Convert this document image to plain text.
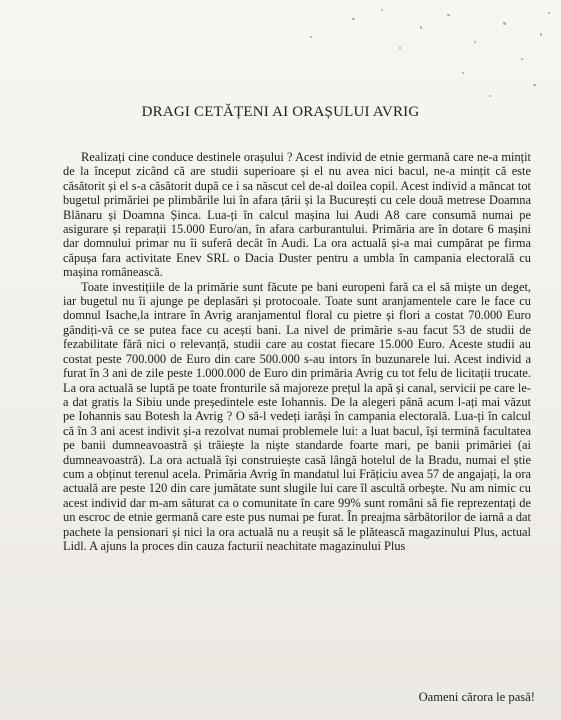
DRAGI CETĂȚENI AI ORAȘULUI AVRIG

Realizați cine conduce destinele orașului ? Acest individ de etnie germană care ne-a mințit de la început zicând că are studii superioare și el nu avea nici bacul, ne-a mințit că este căsătorit și el s-a căsătorit după ce i sa născut cel de-al doilea copil. Acest individ a mâncat tot bugetul primăriei pe plimbările lui în afara țării și la București cu cele două metrese Doamna Blănaru și Doamna Șinca. Lua-ți în calcul mașina lui Audi A8 care consumă numai pe asigurare și reparații 15.000 Euro/an, în afara carburantului. Primăria are în dotare 6 mașini dar domnului primar nu îi suferă decât în Audi. La ora actuală și-a mai cumpărat pe firma căpușa fara activitate Enev SRL o Dacia Duster pentru a umbla în campania electorală cu mașina românească.

Toate investițiile de la primărie sunt făcute pe bani europeni fară ca el să miște un deget, iar bugetul nu îi ajunge pe deplasări și protocoale. Toate sunt aranjamentele care le face cu domnul Isache,la intrare în Avrig aranjamentul floral cu pietre și flori a costat 70.000 Euro gândiți-vă ce se putea face cu acești bani. La nivel de primărie s-au facut 53 de studii de fezabilitate fără nici o relevanță, studii care au costat fiecare 15.000 Euro. Aceste studii au costat peste 700.000 de Euro din care 500.000 s-au intors în buzunarele lui. Acest individ a furat în 3 ani de zile peste 1.000.000 de Euro din primăria Avrig cu tot felu de licitații trucate. La ora actuală se luptă pe toate fronturile să majoreze prețul la apă și canal, servicii pe care le-a dat gratis la Sibiu unde președintele este Iohannis. De la alegeri până acum l-ați mai văzut pe Iohannis sau Botesh la Avrig ? O să-l vedeți iarăși în campania electorală. Lua-ți în calcul că în 3 ani acest indivit și-a rezolvat numai problemele lui: a luat bacul, își termină facultatea pe banii dumneavoastră și trăiește la niște standarde foarte mari, pe banii primăriei (ai dumneavoastră). La ora actuală își construiește casă lângă hotelul de la Bradu, numai el știe cum a obținut terenul acela. Primăria Avrig în mandatul lui Frățiciu avea 57 de angajați, la ora actuală are peste 120 din care jumătate sunt slugile lui care îl ascultă orbește. Nu am nimic cu acest individ dar m-am săturat ca o comunitate în care 99% sunt români să fie reprezentați de un escroc de etnie germană care este pus numai pe furat. În preajma sărbătorilor de iarnă a dat pachete la pensionari și nici la ora actuală nu a reușit să le plătească magazinului Plus, actual Lidl. A ajuns la proces din cauza facturii neachitate magazinului Plus

Oameni cărora le pasă!
